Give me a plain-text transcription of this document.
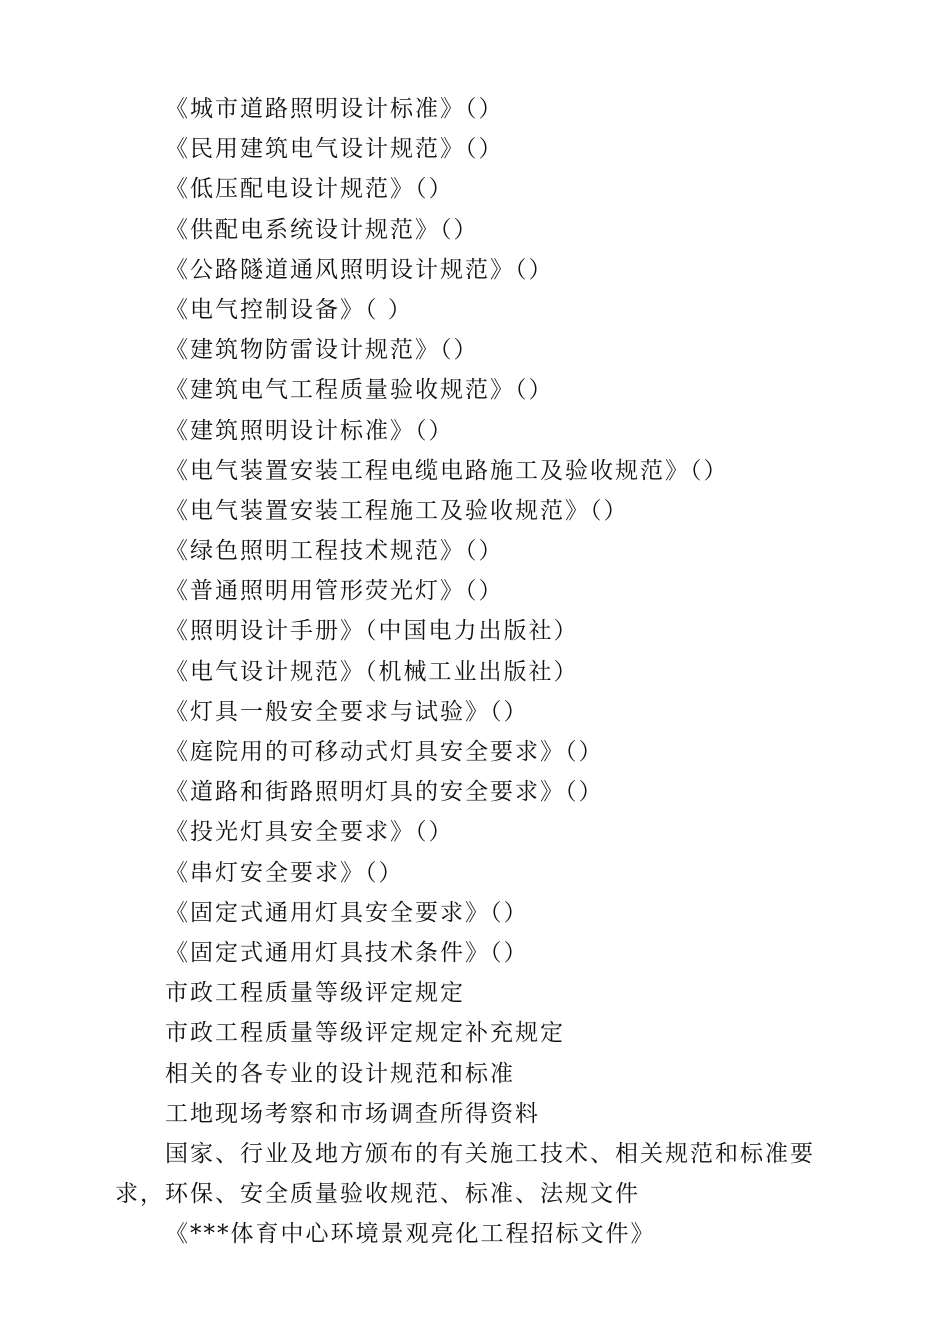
《城市道路照明设计标准》（）
《民用建筑电气设计规范》（）
《低压配电设计规范》（）
《供配电系统设计规范》（）
《公路隧道通风照明设计规范》（）
《电气控制设备》（ ）
《建筑物防雷设计规范》（）
《建筑电气工程质量验收规范》（）
《建筑照明设计标准》（）
《电气装置安装工程电缆电路施工及验收规范》（）
《电气装置安装工程施工及验收规范》（）
《绿色照明工程技术规范》（）
《普通照明用管形荧光灯》（）
《照明设计手册》（中国电力出版社）
《电气设计规范》（机械工业出版社）
《灯具一般安全要求与试验》（）
《庭院用的可移动式灯具安全要求》（）
《道路和街路照明灯具的安全要求》（）
《投光灯具安全要求》（）
《串灯安全要求》（）
《固定式通用灯具安全要求》（）
《固定式通用灯具技术条件》（）
市政工程质量等级评定规定
市政工程质量等级评定规定补充规定
相关的各专业的设计规范和标准
工地现场考察和市场调查所得资料
国家、行业及地方颁布的有关施工技术、相关规范和标准要
求，环保、安全质量验收规范、标准、法规文件
《***体育中心环境景观亮化工程招标文件》
